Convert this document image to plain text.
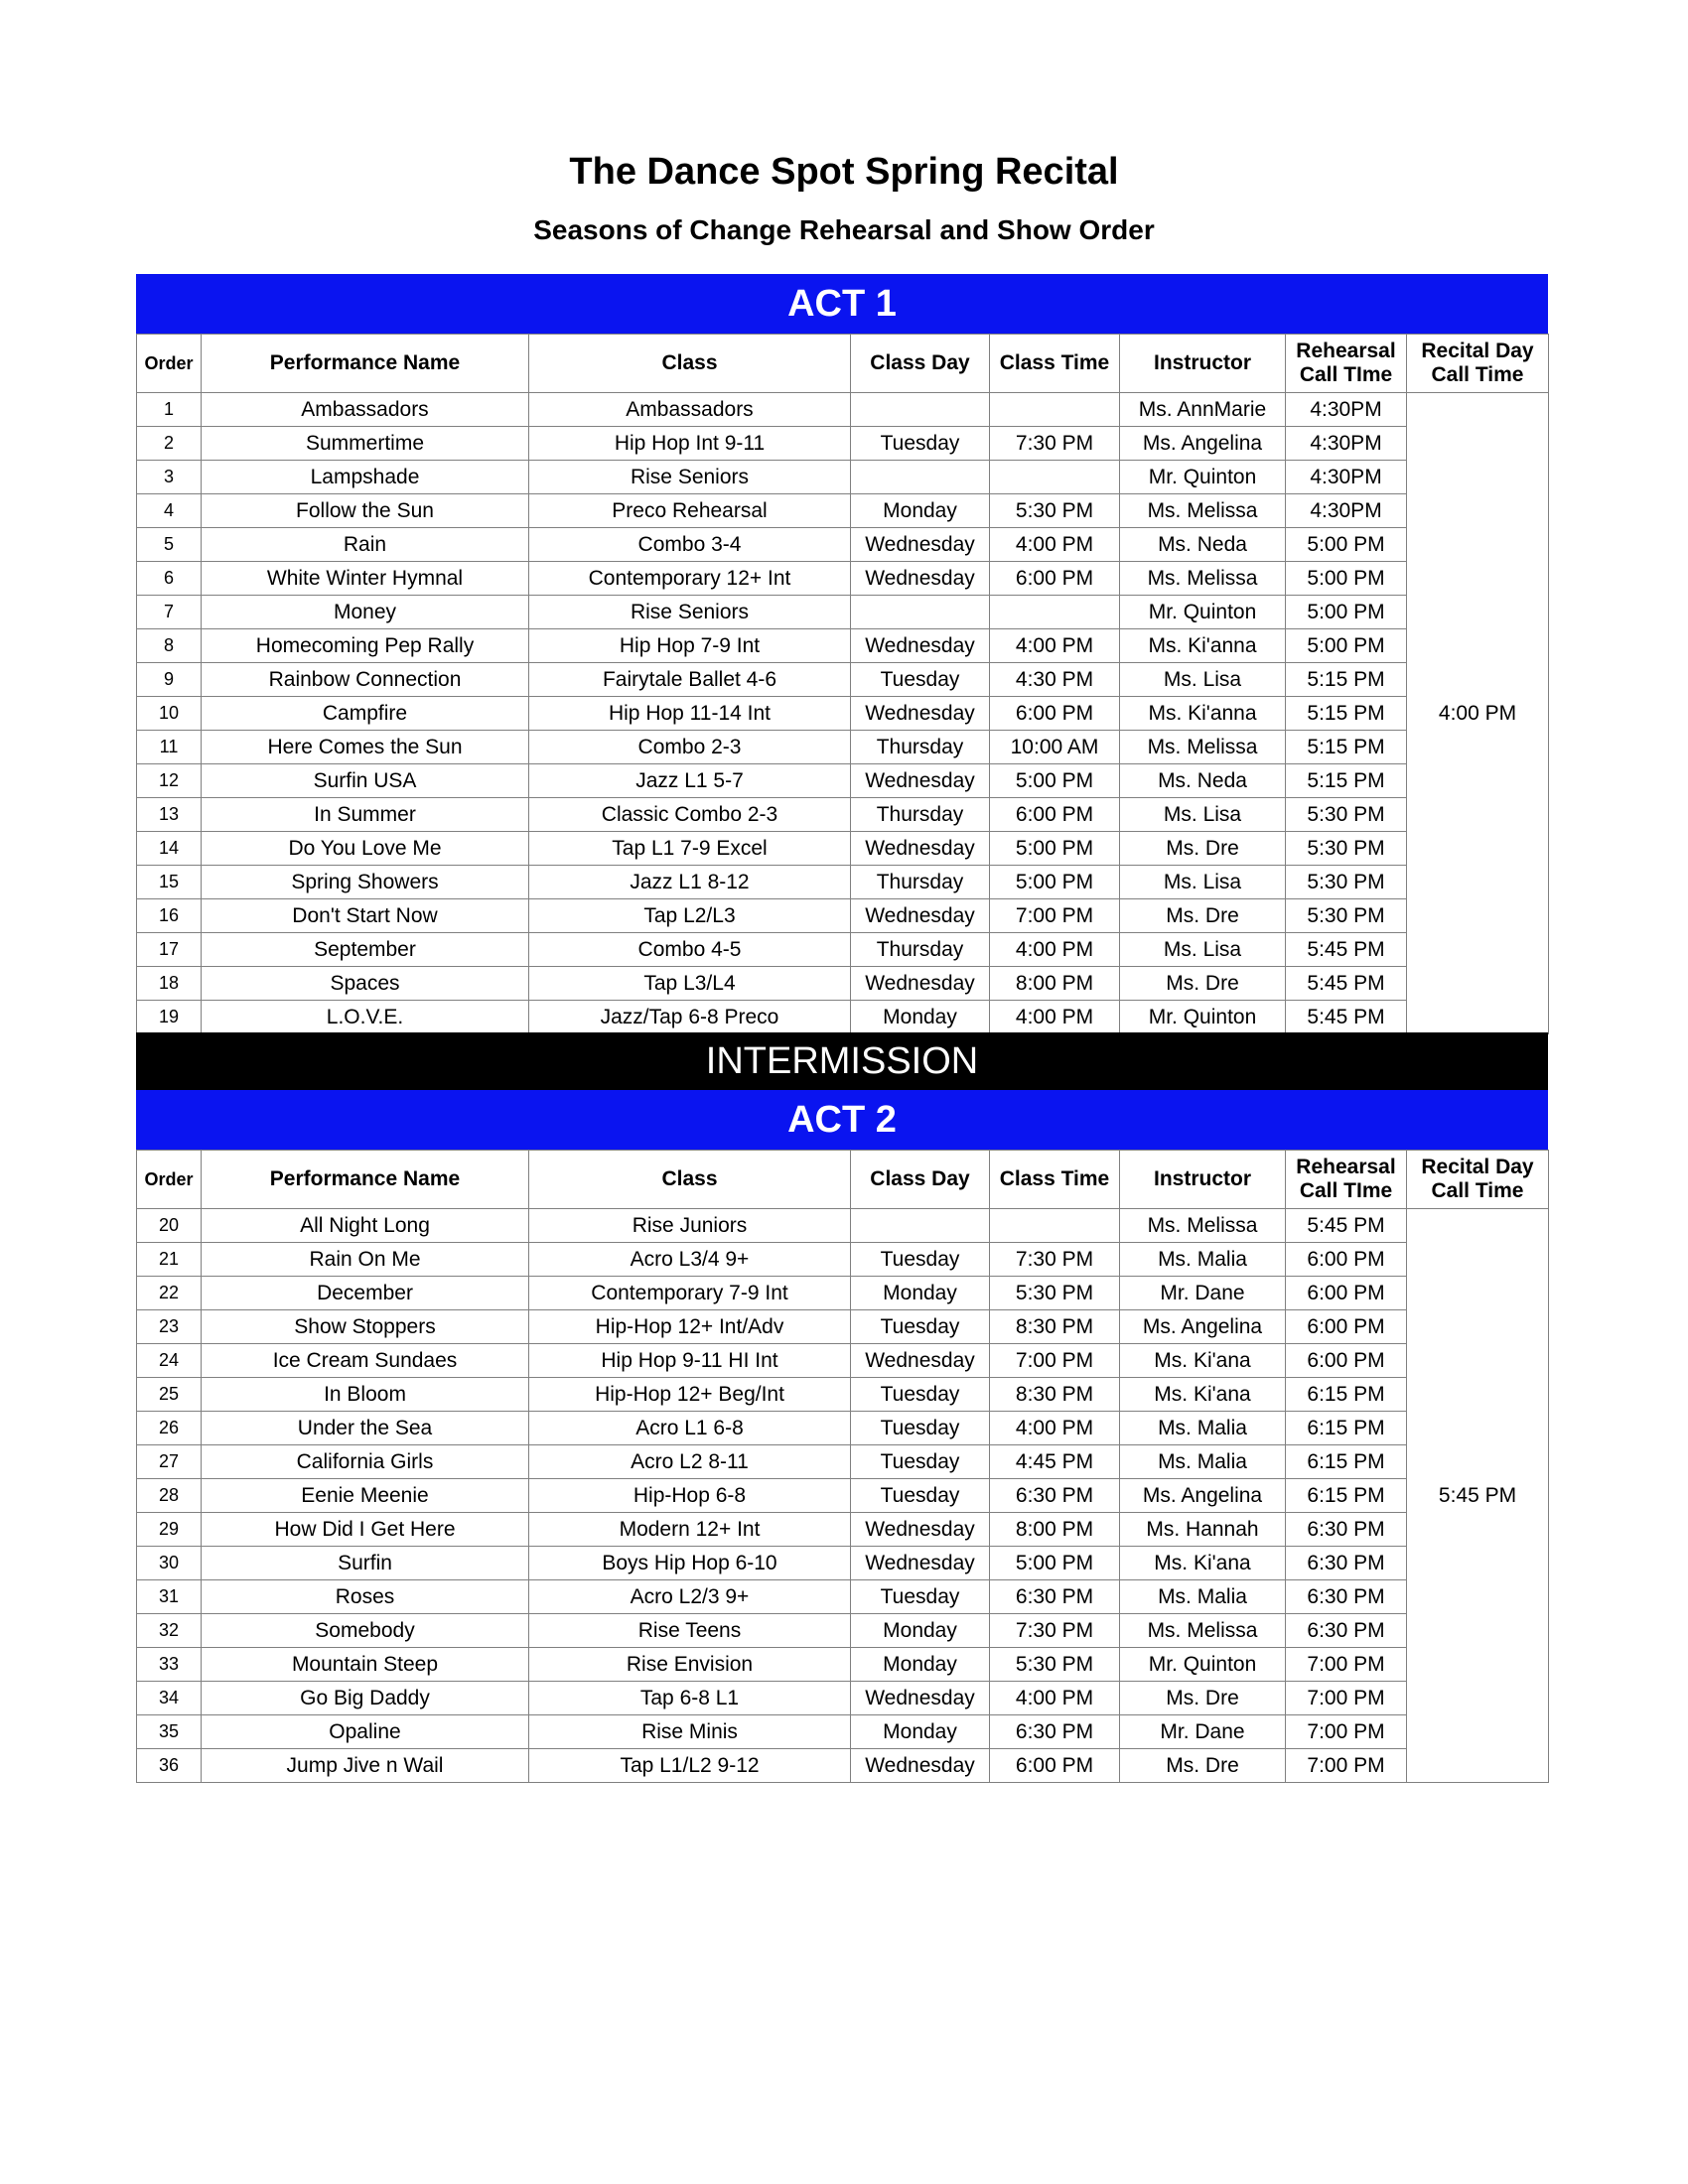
The Dance Spot Spring Recital
Seasons of Change Rehearsal and Show Order
ACT 1
Order	Performance Name	Class	Class Day	Class Time	Instructor	Rehearsal
Call TIme	Recital Day
Call Time
1	Ambassadors	Ambassadors			Ms. AnnMarie	4:30PM	4:00 PM
2	Summertime	Hip Hop Int 9-11	Tuesday	7:30 PM	Ms. Angelina	4:30PM	
3	Lampshade	Rise Seniors			Mr. Quinton	4:30PM	
4	Follow the Sun	Preco Rehearsal	Monday	5:30 PM	Ms. Melissa	4:30PM	
5	Rain	Combo 3-4	Wednesday	4:00 PM	Ms. Neda	5:00 PM	
6	White Winter Hymnal	Contemporary 12+ Int	Wednesday	6:00 PM	Ms. Melissa	5:00 PM	
7	Money	Rise Seniors			Mr. Quinton	5:00 PM	
8	Homecoming Pep Rally	Hip Hop 7-9 Int	Wednesday	4:00 PM	Ms. Ki'anna	5:00 PM	
9	Rainbow Connection	Fairytale Ballet 4-6	Tuesday	4:30 PM	Ms. Lisa	5:15 PM	
10	Campfire	Hip Hop 11-14 Int	Wednesday	6:00 PM	Ms. Ki'anna	5:15 PM	
11	Here Comes the Sun	Combo 2-3	Thursday	10:00 AM	Ms. Melissa	5:15 PM	
12	Surfin USA	Jazz L1 5-7	Wednesday	5:00 PM	Ms. Neda	5:15 PM	
13	In Summer	Classic Combo 2-3	Thursday	6:00 PM	Ms. Lisa	5:30 PM	
14	Do You Love Me	Tap L1 7-9 Excel	Wednesday	5:00 PM	Ms. Dre	5:30 PM	
15	Spring Showers	Jazz L1 8-12	Thursday	5:00 PM	Ms. Lisa	5:30 PM	
16	Don't Start Now	Tap L2/L3	Wednesday	7:00 PM	Ms. Dre	5:30 PM	
17	September	Combo 4-5	Thursday	4:00 PM	Ms. Lisa	5:45 PM	
18	Spaces	Tap L3/L4	Wednesday	8:00 PM	Ms. Dre	5:45 PM	
19	L.O.V.E.	Jazz/Tap 6-8 Preco	Monday	4:00 PM	Mr. Quinton	5:45 PM	
INTERMISSION
ACT 2
Order	Performance Name	Class	Class Day	Class Time	Instructor	Rehearsal
Call TIme	Recital Day
Call Time
20	All Night Long	Rise Juniors			Ms. Melissa	5:45 PM	5:45 PM
21	Rain On Me	Acro L3/4 9+	Tuesday	7:30 PM	Ms. Malia	6:00 PM	
22	December	Contemporary 7-9 Int	Monday	5:30 PM	Mr. Dane	6:00 PM	
23	Show Stoppers	Hip-Hop 12+ Int/Adv	Tuesday	8:30 PM	Ms. Angelina	6:00 PM	
24	Ice Cream Sundaes	Hip Hop 9-11 HI Int	Wednesday	7:00 PM	Ms. Ki'ana	6:00 PM	
25	In Bloom	Hip-Hop 12+ Beg/Int	Tuesday	8:30 PM	Ms. Ki'ana	6:15 PM	
26	Under the Sea	Acro L1 6-8	Tuesday	4:00 PM	Ms. Malia	6:15 PM	
27	California Girls	Acro L2 8-11	Tuesday	4:45 PM	Ms. Malia	6:15 PM	
28	Eenie Meenie	Hip-Hop 6-8	Tuesday	6:30 PM	Ms. Angelina	6:15 PM	
29	How Did I Get Here	Modern 12+ Int	Wednesday	8:00 PM	Ms. Hannah	6:30 PM	
30	Surfin	Boys Hip Hop 6-10	Wednesday	5:00 PM	Ms. Ki'ana	6:30 PM	
31	Roses	Acro L2/3 9+	Tuesday	6:30 PM	Ms. Malia	6:30 PM	
32	Somebody	Rise Teens	Monday	7:30 PM	Ms. Melissa	6:30 PM	
33	Mountain Steep	Rise Envision	Monday	5:30 PM	Mr. Quinton	7:00 PM	
34	Go Big Daddy	Tap 6-8 L1	Wednesday	4:00 PM	Ms. Dre	7:00 PM	
35	Opaline	Rise Minis	Monday	6:30 PM	Mr. Dane	7:00 PM	
36	Jump Jive n Wail	Tap L1/L2 9-12	Wednesday	6:00 PM	Ms. Dre	7:00 PM	
